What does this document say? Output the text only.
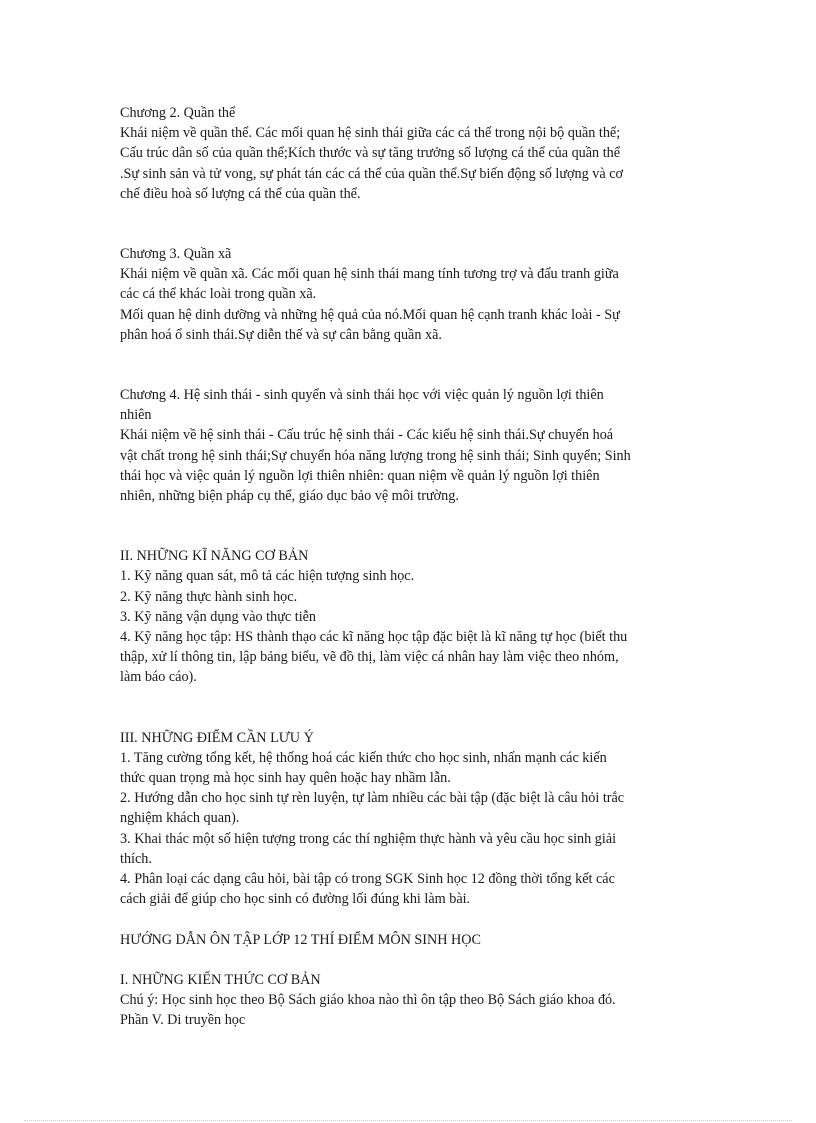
Chương 2. Quần thể
Khái niệm về quần thể. Các mối quan hệ sinh thái giữa các cá thể trong nội bộ quần thể;
Cấu trúc dân số của quần thể;Kích thước và sự tăng trưởng số lượng cá thể của quần thể
.Sự sinh sản và tử vong, sự phát tán các cá thể của quần thể.Sự biến động số lượng và cơ
chế điều hoà số lượng cá thể của quần thể.
Chương 3. Quần xã
Khái niệm về quần xã. Các mối quan hệ sinh thái mang tính tương trợ và đấu tranh giữa
các cá thể khác loài trong quần xã.
Mối quan hệ dinh dưỡng và những hệ quả của nó.Mối quan hệ cạnh tranh khác loài - Sự
phân hoá ổ sinh thái.Sự diễn thế và sự cân bằng quần xã.
Chương 4. Hệ sinh thái - sinh quyển và sinh thái học với việc quản lý nguồn lợi thiên
nhiên
Khái niệm về hệ sinh thái - Cấu trúc hệ sinh thái - Các kiểu hệ sinh thái.Sự chuyển hoá
vật chất trong hệ sinh thái;Sự chuyển hóa năng lượng trong hệ sinh thái; Sinh quyển; Sinh
thái học và việc quản lý nguồn lợi thiên nhiên: quan niệm về quản lý nguồn lợi thiên
nhiên, những biện pháp cụ thể, giáo dục bảo vệ môi trường.
II. NHỮNG KĨ NĂNG CƠ BẢN
1. Kỹ năng quan sát, mô tả các hiện tượng sinh học.
2. Kỹ năng thực hành sinh học.
3. Kỹ năng vận dụng vào thực tiễn
4. Kỹ năng học tập: HS thành thạo các kĩ năng học tập đặc biệt là kĩ năng tự học (biết thu
thập, xử lí thông tin, lập bảng biểu, vẽ đồ thị, làm việc cá nhân hay làm việc theo nhóm,
làm báo cáo).
III. NHỮNG ĐIỂM CẦN LƯU Ý
1. Tăng cường tổng kết, hệ thống hoá các kiến thức cho học sinh, nhấn mạnh các kiến
thức quan trọng mà học sinh hay quên hoặc hay nhầm lẫn.
2. Hướng dẫn cho học sinh tự rèn luyện, tự làm nhiều các bài tập (đặc biệt là câu hỏi trắc
nghiệm khách quan).
3. Khai thác một số hiện tượng trong các thí nghiệm thực hành và yêu cầu học sinh giải
thích.
4. Phân loại các dạng câu hỏi, bài tập có trong SGK Sinh học 12 đồng thời tổng kết các
cách giải để giúp cho học sinh có đường lối đúng khi làm bài.
HƯỚNG DẪN ÔN TẬP LỚP 12 THÍ ĐIỂM MÔN SINH HỌC
I. NHỮNG KIẾN THỨC CƠ BẢN
Chú ý: Học sinh học theo Bộ Sách giáo khoa nào thì ôn tập theo Bộ Sách giáo khoa đó.
Phần V. Di truyền học
